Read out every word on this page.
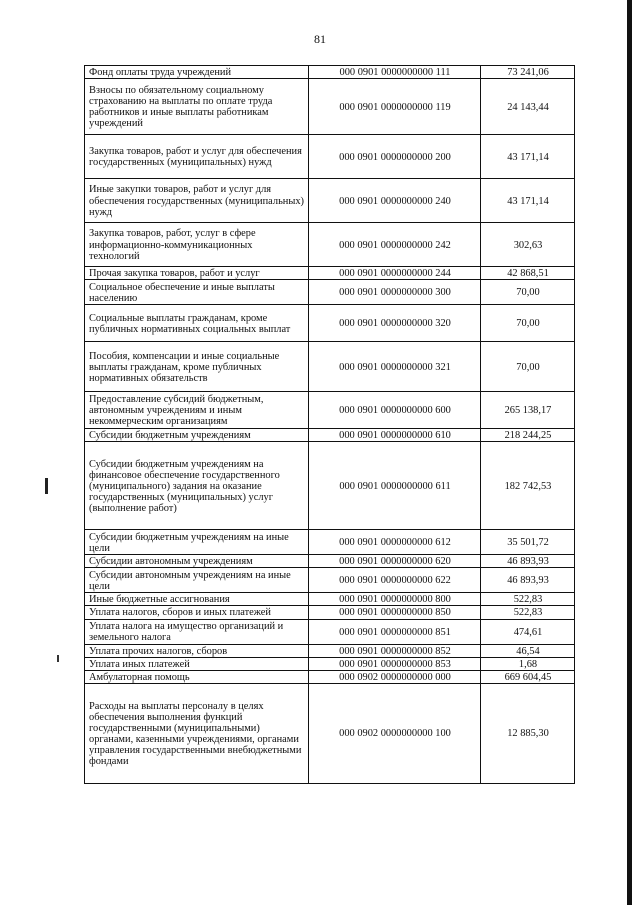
81
Фонд оплаты труда учреждений	000 0901 0000000000 111	73 241,06
Взносы по обязательному социальному страхованию на выплаты по оплате труда работников и иные выплаты работникам учреждений	000 0901 0000000000 119	24 143,44
Закупка товаров, работ и услуг для обеспечения государственных (муниципальных) нужд	000 0901 0000000000 200	43 171,14
Иные закупки товаров, работ и услуг для обеспечения государственных (муниципальных) нужд	000 0901 0000000000 240	43 171,14
Закупка товаров, работ, услуг в сфере информационно-коммуникационных технологий	000 0901 0000000000 242	302,63
Прочая закупка товаров, работ и услуг	000 0901 0000000000 244	42 868,51
Социальное обеспечение и иные выплаты населению	000 0901 0000000000 300	70,00
Социальные выплаты гражданам, кроме публичных нормативных социальных выплат	000 0901 0000000000 320	70,00
Пособия, компенсации и иные социальные выплаты гражданам, кроме публичных нормативных обязательств	000 0901 0000000000 321	70,00
Предоставление субсидий бюджетным, автономным учреждениям и иным некоммерческим организациям	000 0901 0000000000 600	265 138,17
Субсидии бюджетным учреждениям	000 0901 0000000000 610	218 244,25
Субсидии бюджетным учреждениям на финансовое обеспечение государственного (муниципального) задания на оказание государственных (муниципальных) услуг (выполнение работ)	000 0901 0000000000 611	182 742,53
Субсидии бюджетным учреждениям на иные цели	000 0901 0000000000 612	35 501,72
Субсидии автономным учреждениям	000 0901 0000000000 620	46 893,93
Субсидии автономным учреждениям на иные цели	000 0901 0000000000 622	46 893,93
Иные бюджетные ассигнования	000 0901 0000000000 800	522,83
Уплата налогов, сборов и иных платежей	000 0901 0000000000 850	522,83
Уплата налога на имущество организаций и земельного налога	000 0901 0000000000 851	474,61
Уплата прочих налогов, сборов	000 0901 0000000000 852	46,54
Уплата иных платежей	000 0901 0000000000 853	1,68
Амбулаторная помощь	000 0902 0000000000 000	669 604,45
Расходы на выплаты персоналу в целях обеспечения выполнения функций государственными (муниципальными) органами, казенными учреждениями, органами управления государственными внебюджетными фондами	000 0902 0000000000 100	12 885,30
